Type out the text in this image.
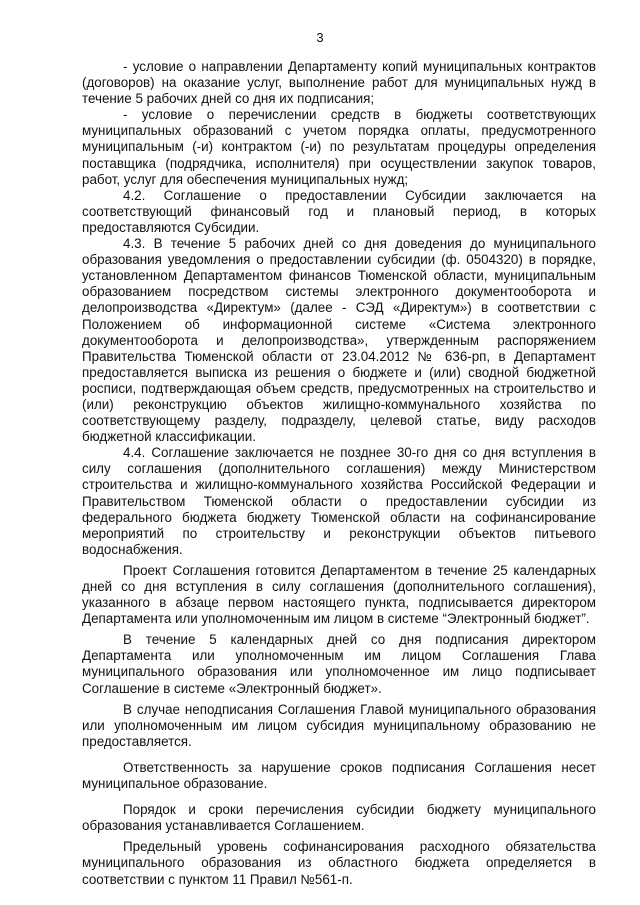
3

- условие о направлении Департаменту копий муниципальных контрактов (договоров) на оказание услуг, выполнение работ для муниципальных нужд в течение 5 рабочих дней со дня их подписания;

- условие о перечислении средств в бюджеты соответствующих муниципальных образований с учетом порядка оплаты, предусмотренного муниципальным (-и) контрактом (-и) по результатам процедуры определения поставщика (подрядчика, исполнителя) при осуществлении закупок товаров, работ, услуг для обеспечения муниципальных нужд;

4.2. Соглашение о предоставлении Субсидии заключается на соответствующий финансовый год и плановый период, в которых предоставляются Субсидии.

4.3. В течение 5 рабочих дней со дня доведения до муниципального образования уведомления о предоставлении субсидии (ф. 0504320) в порядке, установленном Департаментом финансов Тюменской области, муниципальным образованием посредством системы электронного документооборота и делопроизводства «Директум» (далее - СЭД «Директум») в соответствии с Положением об информационной системе «Система электронного документооборота и делопроизводства», утвержденным распоряжением Правительства Тюменской области от 23.04.2012 № 636-рп, в Департамент предоставляется выписка из решения о бюджете и (или) сводной бюджетной росписи, подтверждающая объем средств, предусмотренных на строительство и (или) реконструкцию объектов жилищно-коммунального хозяйства по соответствующему разделу, подразделу, целевой статье, виду расходов бюджетной классификации.

4.4. Соглашение заключается не позднее 30-го дня со дня вступления в силу соглашения (дополнительного соглашения) между Министерством строительства и жилищно-коммунального хозяйства Российской Федерации и Правительством Тюменской области о предоставлении субсидии из федерального бюджета бюджету Тюменской области на софинансирование мероприятий по строительству и реконструкции объектов питьевого водоснабжения.

Проект Соглашения готовится Департаментом в течение 25 календарных дней со дня вступления в силу соглашения (дополнительного соглашения), указанного в абзаце первом настоящего пункта, подписывается директором Департамента или уполномоченным им лицом в системе “Электронный бюджет”.

В течение 5 календарных дней со дня подписания директором Департамента или уполномоченным им лицом Соглашения Глава муниципального образования или уполномоченное им лицо подписывает Соглашение в системе «Электронный бюджет».

В случае неподписания Соглашения Главой муниципального образования или уполномоченным им лицом субсидия муниципальному образованию не предоставляется.

Ответственность за нарушение сроков подписания Соглашения несет муниципальное образование.

Порядок и сроки перечисления субсидии бюджету муниципального образования устанавливается Соглашением.

Предельный уровень софинансирования расходного обязательства муниципального образования из областного бюджета определяется в соответствии с пунктом 11 Правил №561-п.
